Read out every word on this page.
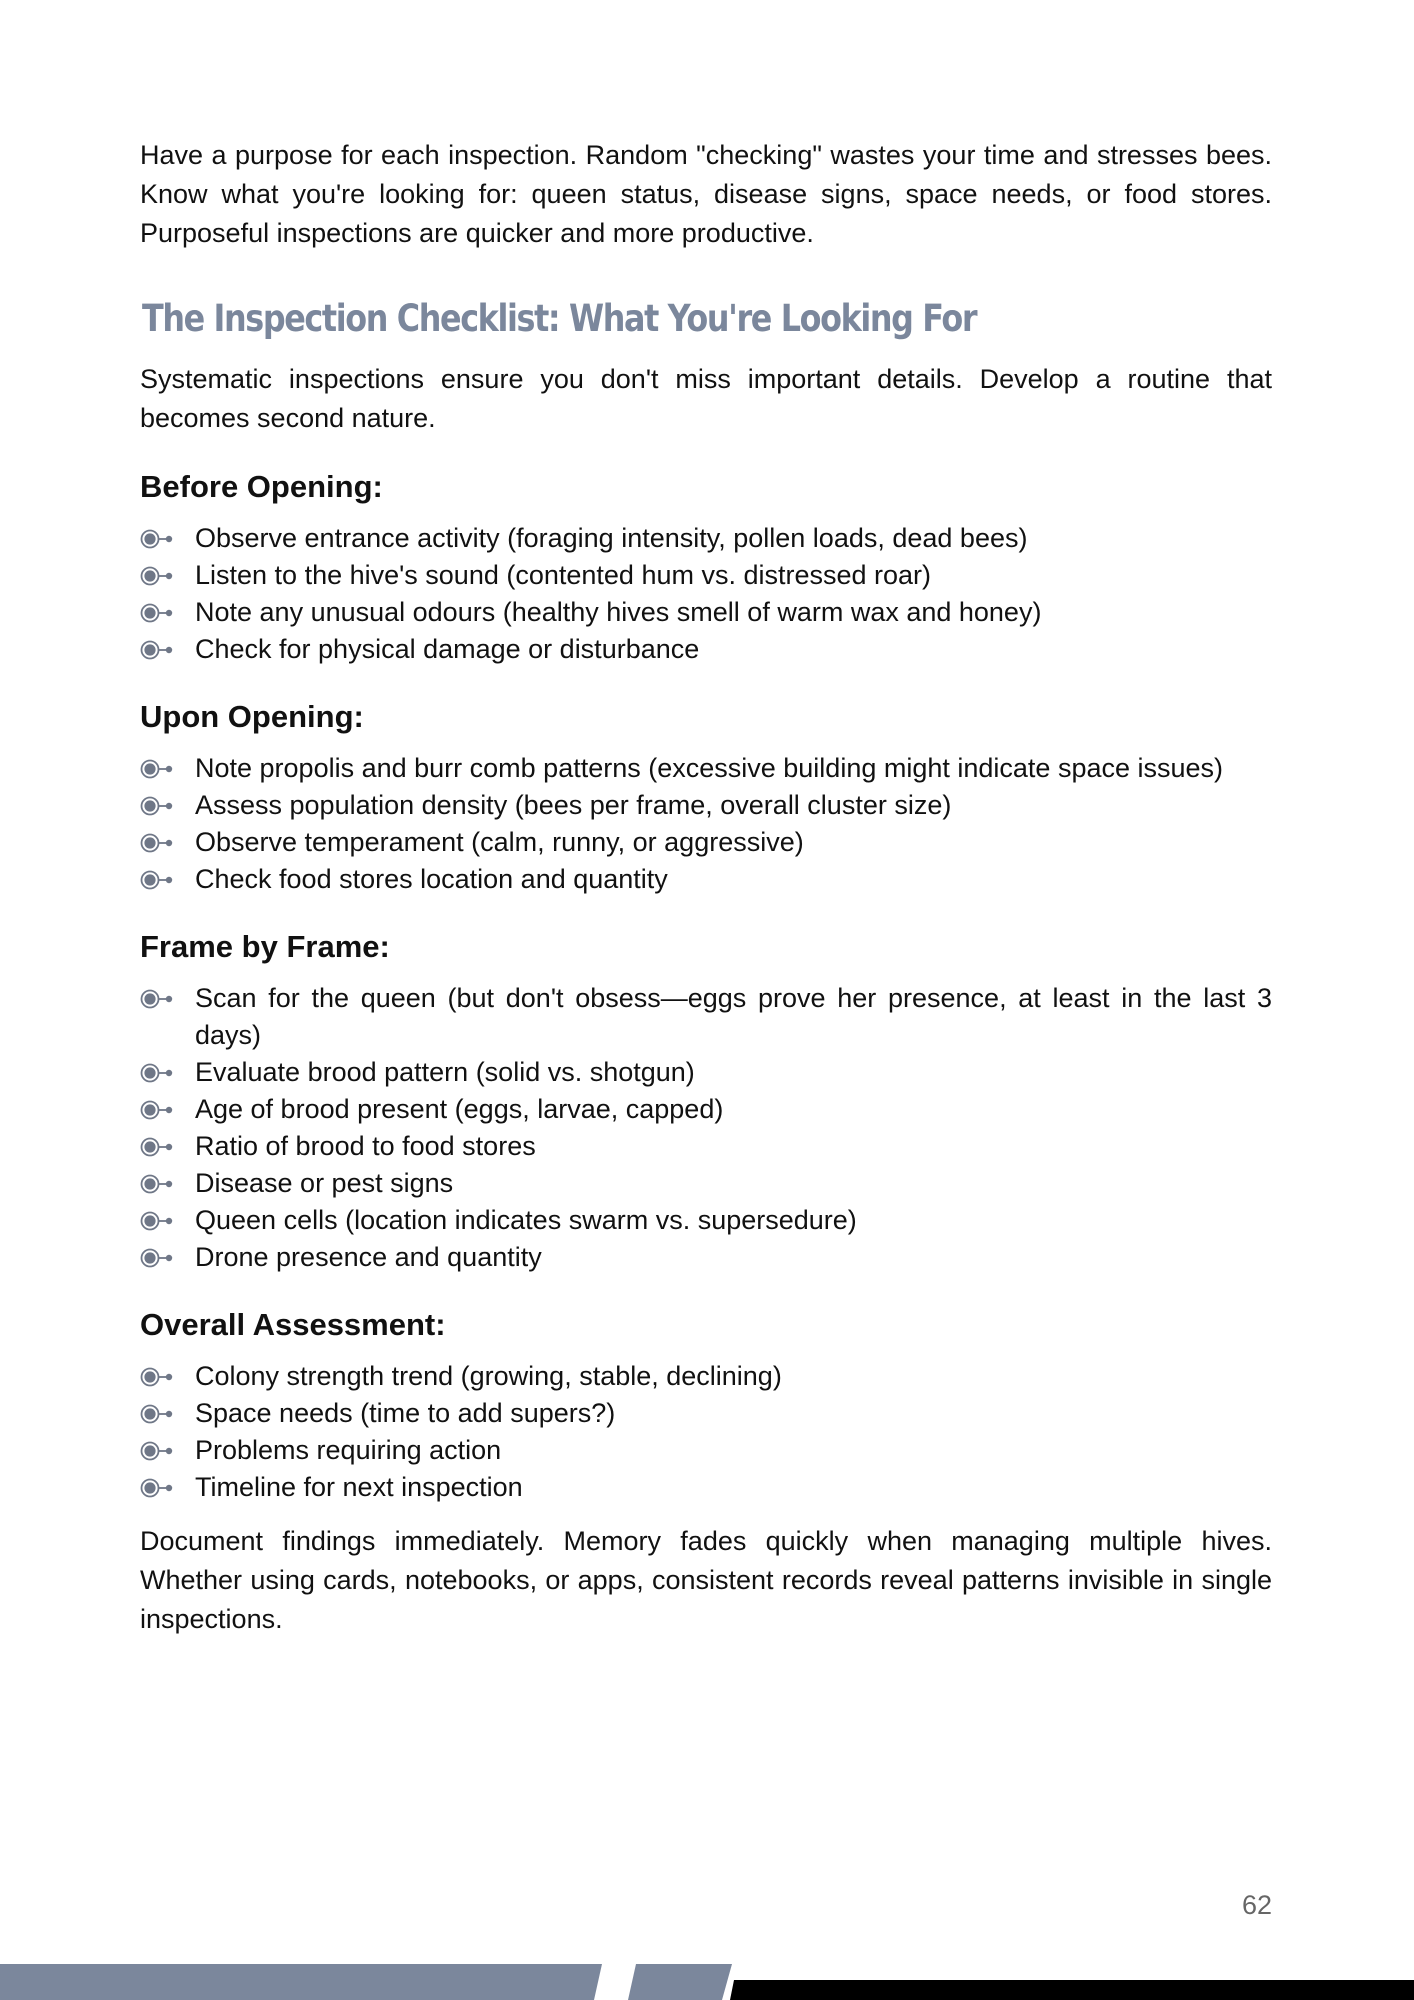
Have a purpose for each inspection. Random "checking" wastes your time and stresses bees. Know what you're looking for: queen status, disease signs, space needs, or food stores. Purposeful inspections are quicker and more productive.

The Inspection Checklist: What You're Looking For

Systematic inspections ensure you don't miss important details. Develop a routine that becomes second nature.

Before Opening:
Observe entrance activity (foraging intensity, pollen loads, dead bees)
Listen to the hive's sound (contented hum vs. distressed roar)
Note any unusual odours (healthy hives smell of warm wax and honey)
Check for physical damage or disturbance
Upon Opening:
Note propolis and burr comb patterns (excessive building might indicate space issues)
Assess population density (bees per frame, overall cluster size)
Observe temperament (calm, runny, or aggressive)
Check food stores location and quantity
Frame by Frame:
Scan for the queen (but don't obsess—eggs prove her presence, at least in the last 3 days)
Evaluate brood pattern (solid vs. shotgun)
Age of brood present (eggs, larvae, capped)
Ratio of brood to food stores
Disease or pest signs
Queen cells (location indicates swarm vs. supersedure)
Drone presence and quantity
Overall Assessment:
Colony strength trend (growing, stable, declining)
Space needs (time to add supers?)
Problems requiring action
Timeline for next inspection

Document findings immediately. Memory fades quickly when managing multiple hives. Whether using cards, notebooks, or apps, consistent records reveal patterns invisible in single inspections.

62
